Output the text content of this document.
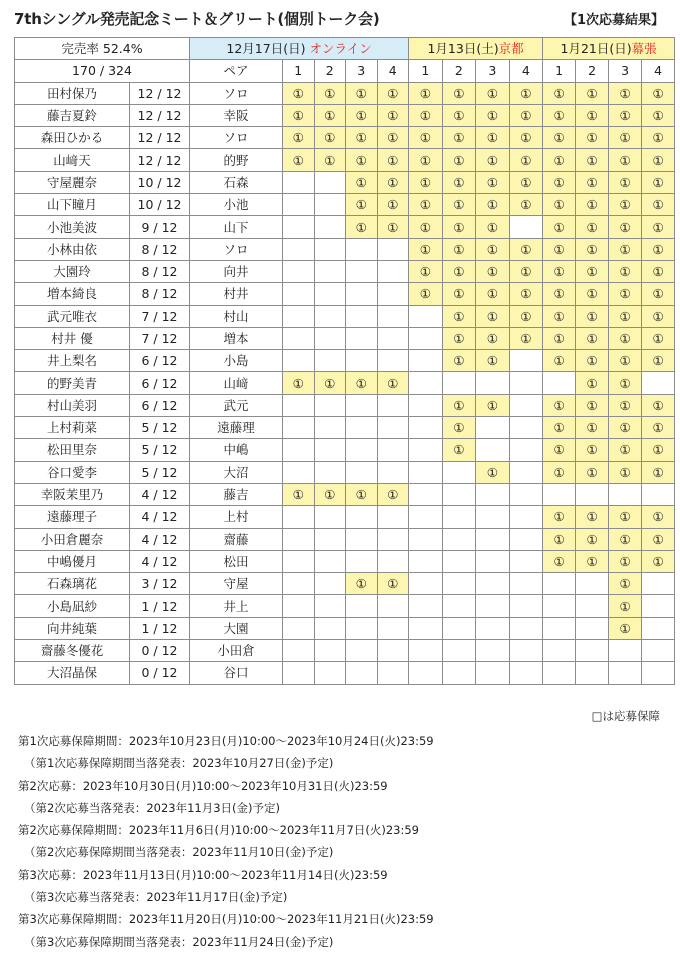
7thシングル発売記念ミート＆グリート(個別トーク会)	【1次応募結果】
完売率 52.4%		12月17日(日) オンライン					1月13日(土)京都				1月21日(日)幕張			
170 / 324		ペア	1	2	3	4	1	2	3	4	1	2	3	4
田村保乃	12 / 12	ソロ	①	①	①	①	①	①	①	①	①	①	①	①
藤吉夏鈴	12 / 12	幸阪	①	①	①	①	①	①	①	①	①	①	①	①
森田ひかる	12 / 12	ソロ	①	①	①	①	①	①	①	①	①	①	①	①
山﨑天	12 / 12	的野	①	①	①	①	①	①	①	①	①	①	①	①
守屋麗奈	10 / 12	石森			①	①	①	①	①	①	①	①	①	①
山下瞳月	10 / 12	小池			①	①	①	①	①	①	①	①	①	①
小池美波	9 / 12	山下			①	①	①	①	①		①	①	①	①
小林由依	8 / 12	ソロ					①	①	①	①	①	①	①	①
大園玲	8 / 12	向井					①	①	①	①	①	①	①	①
増本綺良	8 / 12	村井					①	①	①	①	①	①	①	①
武元唯衣	7 / 12	村山						①	①	①	①	①	①	①
村井 優	7 / 12	増本						①	①	①	①	①	①	①
井上梨名	6 / 12	小島						①	①		①	①	①	①
的野美青	6 / 12	山﨑	①	①	①	①						①	①	
村山美羽	6 / 12	武元						①	①		①	①	①	①
上村莉菜	5 / 12	遠藤理						①			①	①	①	①
松田里奈	5 / 12	中嶋						①			①	①	①	①
谷口愛李	5 / 12	大沼							①		①	①	①	①
幸阪茉里乃	4 / 12	藤吉	①	①	①	①								
遠藤理子	4 / 12	上村									①	①	①	①
小田倉麗奈	4 / 12	齋藤									①	①	①	①
中嶋優月	4 / 12	松田									①	①	①	①
石森璃花	3 / 12	守屋			①	①							①	
小島凪紗	1 / 12	井上											①	
向井純葉	1 / 12	大園											①	
齋藤冬優花	0 / 12	小田倉												
大沼晶保	0 / 12	谷口												
□は応募保障
第1次応募保障期間：2023年10月23日(月)10:00～2023年10月24日(火)23:59
（第1次応募保障期間当落発表：2023年10月27日(金)予定)
第2次応募：2023年10月30日(月)10:00～2023年10月31日(火)23:59
（第2次応募当落発表：2023年11月3日(金)予定)
第2次応募保障期間：2023年11月6日(月)10:00～2023年11月7日(火)23:59
（第2次応募保障期間当落発表：2023年11月10日(金)予定)
第3次応募：2023年11月13日(月)10:00～2023年11月14日(火)23:59
（第3次応募当落発表：2023年11月17日(金)予定)
第3次応募保障期間：2023年11月20日(月)10:00～2023年11月21日(火)23:59
（第3次応募保障期間当落発表：2023年11月24日(金)予定)
